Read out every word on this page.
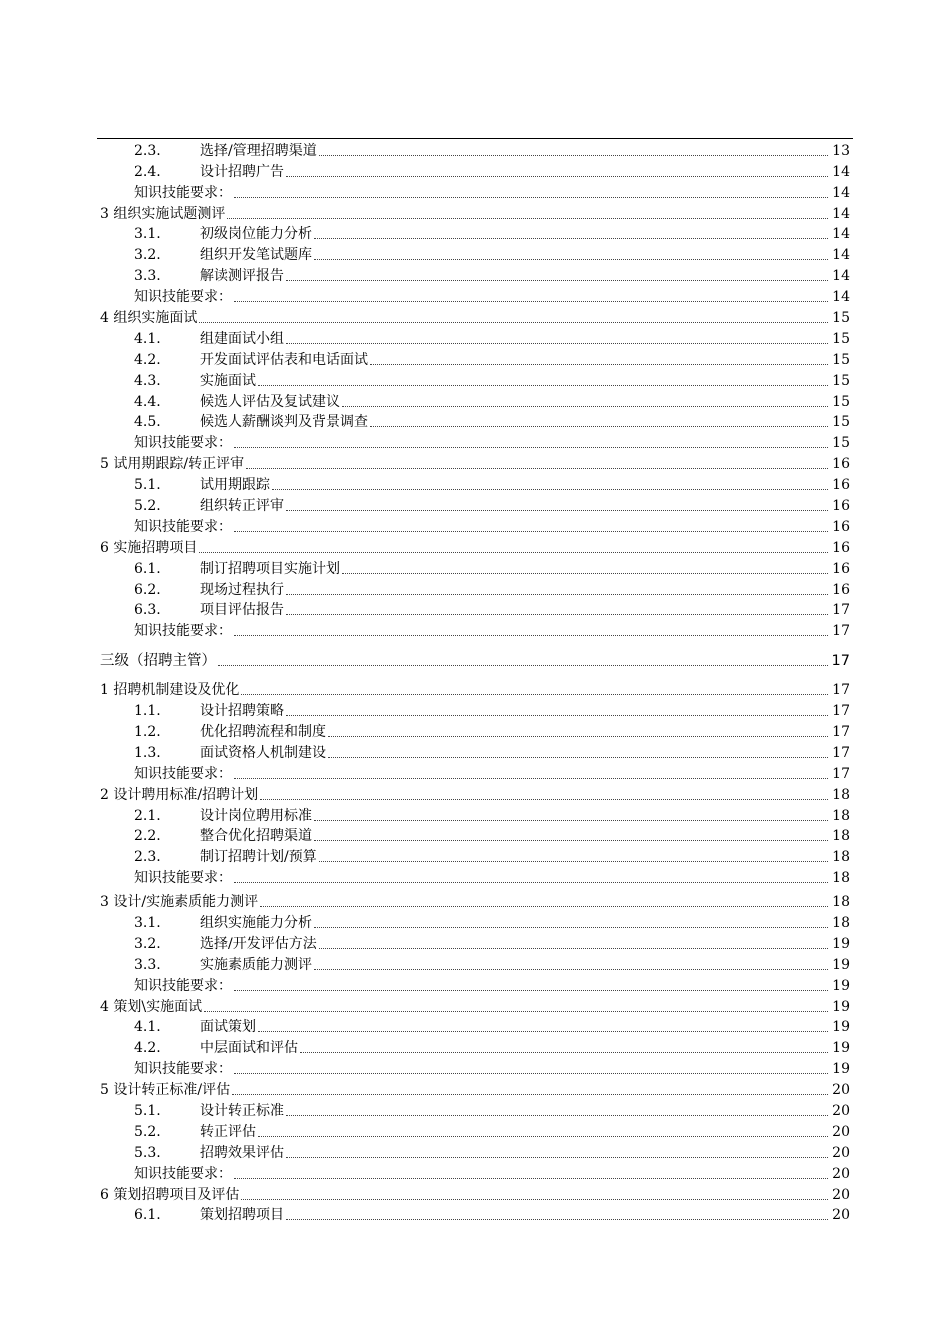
2.3.	选择/管理招聘渠道	13
2.4.	设计招聘广告	14
知识技能要求：	14
3 组织实施试题测评	14
3.1.	初级岗位能力分析	14
3.2.	组织开发笔试题库	14
3.3.	解读测评报告	14
知识技能要求：	14
4 组织实施面试	15
4.1.	组建面试小组	15
4.2.	开发面试评估表和电话面试	15
4.3.	实施面试	15
4.4.	候选人评估及复试建议	15
4.5.	候选人薪酬谈判及背景调查	15
知识技能要求：	15
5 试用期跟踪/转正评审	16
5.1.	试用期跟踪	16
5.2.	组织转正评审	16
知识技能要求：	16
6 实施招聘项目	16
6.1.	制订招聘项目实施计划	16
6.2.	现场过程执行	16
6.3.	项目评估报告	17
知识技能要求：	17
三级（招聘主管）	17
1 招聘机制建设及优化	17
1.1.	设计招聘策略	17
1.2.	优化招聘流程和制度	17
1.3.	面试资格人机制建设	17
知识技能要求：	17
2 设计聘用标准/招聘计划	18
2.1.	设计岗位聘用标准	18
2.2.	整合优化招聘渠道	18
2.3.	制订招聘计划/预算	18
知识技能要求：	18
3 设计/实施素质能力测评	18
3.1.	组织实施能力分析	18
3.2.	选择/开发评估方法	19
3.3.	实施素质能力测评	19
知识技能要求：	19
4 策划\实施面试	19
4.1.	面试策划	19
4.2.	中层面试和评估	19
知识技能要求：	19
5 设计转正标准/评估	20
5.1.	设计转正标准	20
5.2.	转正评估	20
5.3.	招聘效果评估	20
知识技能要求：	20
6 策划招聘项目及评估	20
6.1.	策划招聘项目	20
